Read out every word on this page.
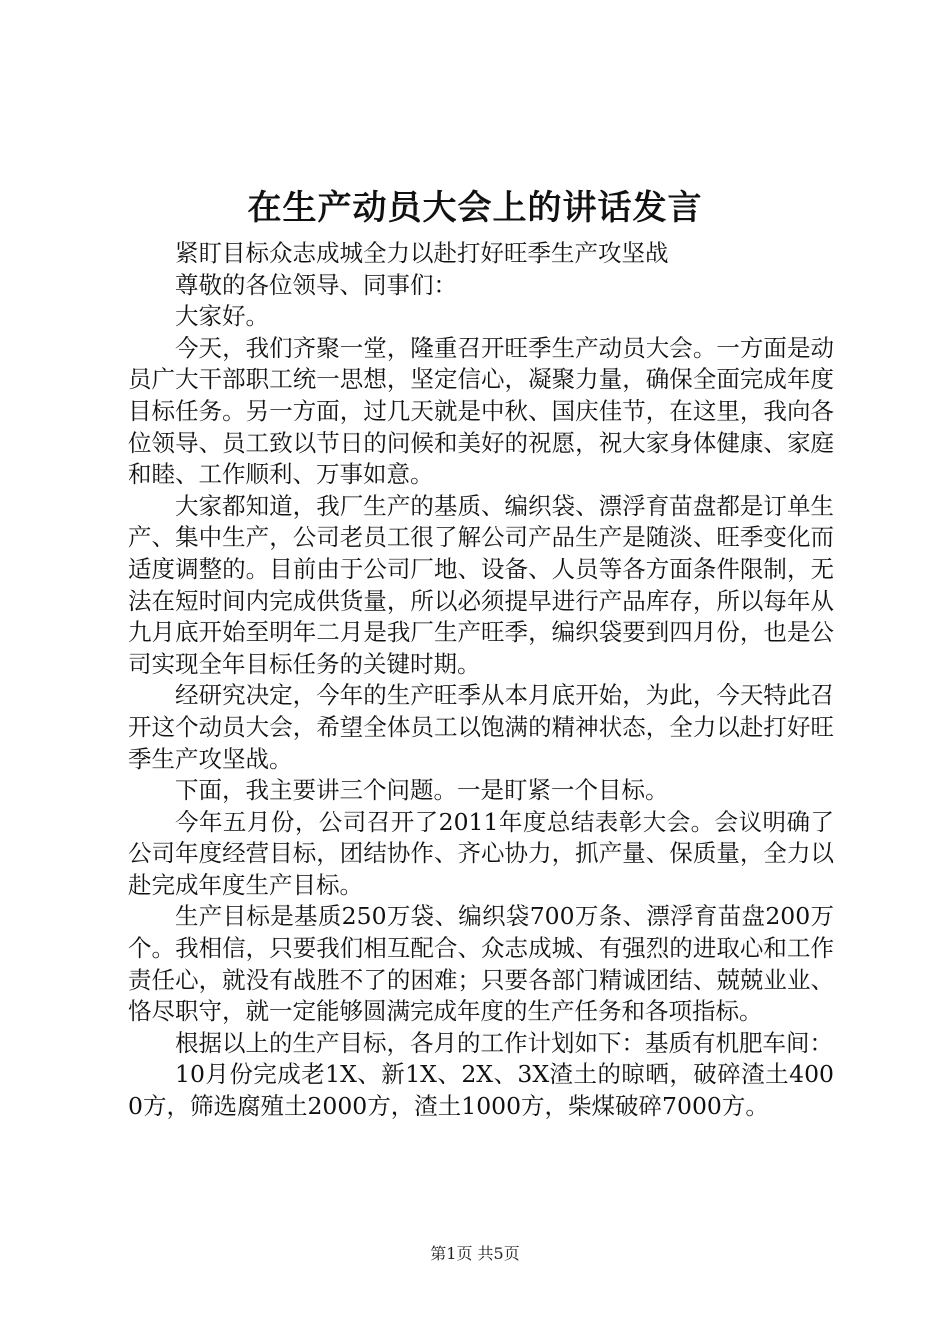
在生产动员大会上的讲话发言

紧盯目标众志成城全力以赴打好旺季生产攻坚战

尊敬的各位领导、同事们：

大家好。

今天，我们齐聚一堂，隆重召开旺季生产动员大会。一方面是动员广大干部职工统一思想，坚定信心，凝聚力量，确保全面完成年度目标任务。另一方面，过几天就是中秋、国庆佳节，在这里，我向各位领导、员工致以节日的问候和美好的祝愿，祝大家身体健康、家庭和睦、工作顺利、万事如意。

大家都知道，我厂生产的基质、编织袋、漂浮育苗盘都是订单生产、集中生产，公司老员工很了解公司产品生产是随淡、旺季变化而适度调整的。目前由于公司厂地、设备、人员等各方面条件限制，无法在短时间内完成供货量，所以必须提早进行产品库存，所以每年从九月底开始至明年二月是我厂生产旺季，编织袋要到四月份，也是公司实现全年目标任务的关键时期。

经研究决定，今年的生产旺季从本月底开始，为此，今天特此召开这个动员大会，希望全体员工以饱满的精神状态，全力以赴打好旺季生产攻坚战。

下面，我主要讲三个问题。一是盯紧一个目标。

今年五月份，公司召开了2011年度总结表彰大会。会议明确了公司年度经营目标，团结协作、齐心协力，抓产量、保质量，全力以赴完成年度生产目标。

生产目标是基质250万袋、编织袋700万条、漂浮育苗盘200万个。我相信，只要我们相互配合、众志成城、有强烈的进取心和工作责任心，就没有战胜不了的困难；只要各部门精诚团结、兢兢业业、恪尽职守，就一定能够圆满完成年度的生产任务和各项指标。

根据以上的生产目标，各月的工作计划如下：基质有机肥车间：

10月份完成老1X、新1X、2X、3X渣土的晾晒，破碎渣土4000方，筛选腐殖土2000方，渣土1000方，柴煤破碎7000方。

第1页 共5页
